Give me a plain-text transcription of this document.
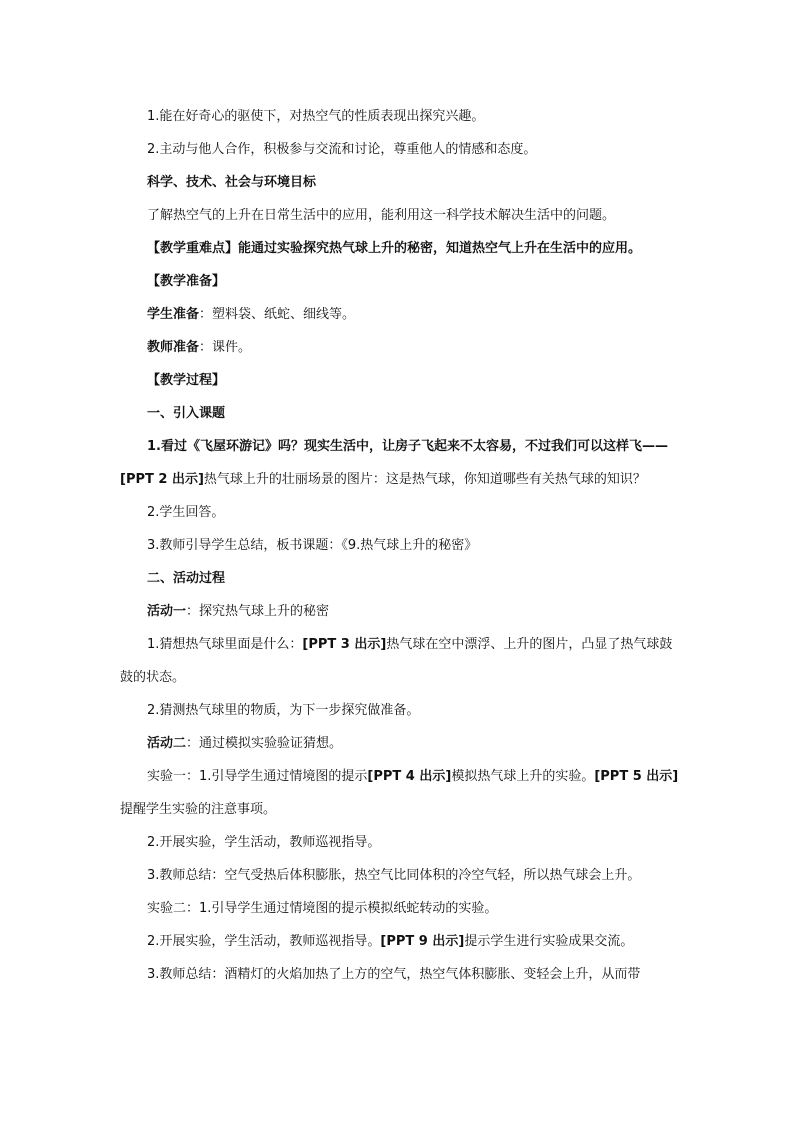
1.能在好奇心的驱使下，对热空气的性质表现出探究兴趣。

2.主动与他人合作，积极参与交流和讨论，尊重他人的情感和态度。

科学、技术、社会与环境目标

了解热空气的上升在日常生活中的应用，能利用这一科学技术解决生活中的问题。

【教学重难点】能通过实验探究热气球上升的秘密，知道热空气上升在生活中的应用。

【教学准备】

学生准备：塑料袋、纸蛇、细线等。

教师准备：课件。

【教学过程】

一、引入课题

1.看过《飞屋环游记》吗？现实生活中，让房子飞起来不太容易，不过我们可以这样飞——[PPT 2 出示]热气球上升的壮丽场景的图片：这是热气球，你知道哪些有关热气球的知识？

2.学生回答。

3.教师引导学生总结，板书课题：《9.热气球上升的秘密》

二、活动过程

活动一：探究热气球上升的秘密

1.猜想热气球里面是什么：[PPT 3 出示]热气球在空中漂浮、上升的图片，凸显了热气球鼓鼓的状态。

2.猜测热气球里的物质，为下一步探究做准备。

活动二：通过模拟实验验证猜想。

实验一：1.引导学生通过情境图的提示[PPT 4 出示]模拟热气球上升的实验。[PPT 5 出示]提醒学生实验的注意事项。

2.开展实验，学生活动，教师巡视指导。

3.教师总结：空气受热后体积膨胀，热空气比同体积的冷空气轻，所以热气球会上升。

实验二：1.引导学生通过情境图的提示模拟纸蛇转动的实验。

2.开展实验，学生活动，教师巡视指导。[PPT 9 出示]提示学生进行实验成果交流。

3.教师总结：酒精灯的火焰加热了上方的空气，热空气体积膨胀、变轻会上升，从而带
